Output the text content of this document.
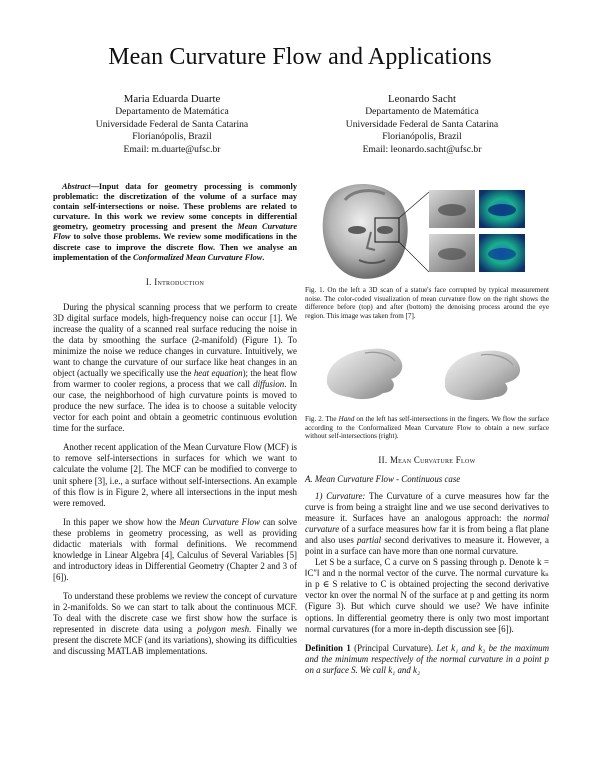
Mean Curvature Flow and Applications
Maria Eduarda Duarte
Departamento de Matemática
Universidade Federal de Santa Catarina
Florianópolis, Brazil
Email: m.duarte@ufsc.br
Leonardo Sacht
Departamento de Matemática
Universidade Federal de Santa Catarina
Florianópolis, Brazil
Email: leonardo.sacht@ufsc.br

Abstract—Input data for geometry processing is commonly problematic: the discretization of the volume of a surface may contain self-intersections or noise. These problems are related to curvature. In this work we review some concepts in differential geometry, geometry processing and present the Mean Curvature Flow to solve those problems. We review some modifications in the discrete case to improve the discrete flow. Then we analyse an implementation of the Conformalized Mean Curvature Flow.

I. Introduction

During the physical scanning process that we perform to create 3D digital surface models, high-frequency noise can occur [1]. We increase the quality of a scanned real surface reducing the noise in the data by smoothing the surface (2-manifold) (Figure 1). To minimize the noise we reduce changes in curvature. Intuitively, we want to change the curvature of our surface like heat changes in an object (actually we specifically use the heat equation); the heat flow from warmer to cooler regions, a process that we call diffusion. In our case, the neighborhood of high curvature points is moved to produce the new surface. The idea is to choose a suitable velocity vector for each point and obtain a geometric continuous evolution time for the surface.

Another recent application of the Mean Curvature Flow (MCF) is to remove self-intersections in surfaces for which we want to calculate the volume [2]. The MCF can be modified to converge to unit sphere [3], i.e., a surface without self-intersections. An example of this flow is in Figure 2, where all intersections in the input mesh were removed.

In this paper we show how the Mean Curvature Flow can solve these problems in geometry processing, as well as providing didactic materials with formal definitions. We recommend knowledge in Linear Algebra [4], Calculus of Several Variables [5] and introductory ideas in Differential Geometry (Chapter 2 and 3 of [6]).

To understand these problems we review the concept of curvature in 2-manifolds. So we can start to talk about the continuous MCF. To deal with the discrete case we first show how the surface is represented in discrete data using a polygon mesh. Finally we present the discrete MCF (and its variations), showing its difficulties and discussing MATLAB implementations.

Fig. 1. On the left a 3D scan of a statue's face corrupted by typical measurement noise. The color-coded visualization of mean curvature flow on the right shows the difference before (top) and after (bottom) the denoising process around the eye region. This image was taken from [7].
Fig. 2. The Hand on the left has self-intersections in the fingers. We flow the surface according to the Conformalized Mean Curvature Flow to obtain a new surface without self-intersections (right).
II. Mean Curvature Flow
A. Mean Curvature Flow - Continuous case

1) Curvature: The Curvature of a curve measures how far the curve is from being a straight line and we use second derivatives to measure it. Surfaces have an analogous approach: the normal curvature of a surface measures how far it is from being a flat plane and also uses partial second derivatives to measure it. However, a point in a surface can have more than one normal curvature.

Let S be a surface, C a curve on S passing through p. Denote k = ‖C″‖ and n the normal vector of the curve. The normal curvature kₙ in p ∈ S relative to C is obtained projecting the second derivative vector kn over the normal N of the surface at p and getting its norm (Figure 3). But which curve should we use? We have infinite options. In differential geometry there is only two most important normal curvatures (for a more in-depth discussion see [6]).

Definition 1 (Principal Curvature). Let k₁ and k₂ be the maximum and the minimum respectively of the normal curvature in a point p on a surface S. We call k₁ and k₂
